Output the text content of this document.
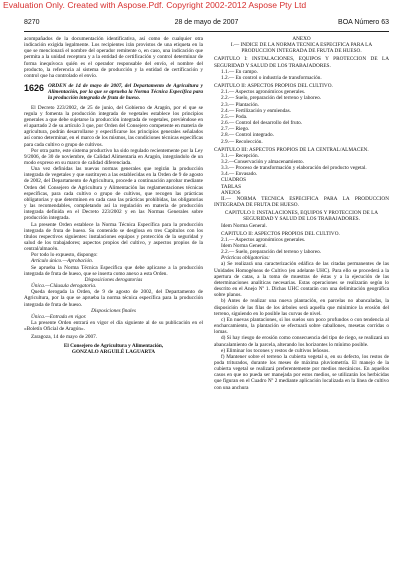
Evaluation Only. Created with Aspose.Pdf. Copyright 2002-2012 Aspose Pty Ltd
8270	28 de mayo de 2007	BOA Número 63

acompañados de la documentación identificativa, así como de cualquier otra indicación exigida legalmente. Los recipientes irán provistos de una etiqueta en la que se mencionará el nombre del operador remitente o, en caso, una indicación que permita a la unidad receptora y a la entidad de certificación y control determinar de forma inequívoca quién es el operador responsable del envío, el nombre del producto, la referencia al sistema de producción y la entidad de certificación y control que ha controlado el envío.

1626 ORDEN de 14 de mayo de 2007, del Departamento de Agricultura y Alimentación, por la que se aprueba la Norma Técnica Específica para la producción integrada de fruta de hueso.

El Decreto 223/2002, de 25 de junio, del Gobierno de Aragón, por el que se regula y fomenta la producción integrada de vegetales establece los principios generales a que debe sujetarse la producción integrada de vegetales, previéndose en el apartado 2 de su artículo 3 que, por Orden del Consejero competente en materia de agricultura, podrán desarrollarse y especificarse los principios generales señalados así como determinar, en el marco de los mismos, las condiciones técnicas específicas para cada cultivo o grupo de cultivos.

Por otra parte, este sistema productivo ha sido regulado recientemente por la Ley 9/2006, de 30 de noviembre, de Calidad Alimentaria en Aragón, integrándolo de un modo expreso en su marco de calidad diferenciada.

Una vez definidas las nuevas normas generales que regirán la producción integrada de vegetales y que sustituyen a las establecidas en la Orden de 9 de agosto de 2002, del Departamento de Agricultura, procede a continuación aprobar mediante Orden del Consejero de Agricultura y Alimentación las reglamentaciones técnicas específicas, para cada cultivo o grupo de cultivos, que recogen las prácticas obligatorias y que determinen en cada caso las prácticas prohibidas, las obligatorias y las recomendables, completando así la regulación en materia de producción integrada definida en el Decreto 223/2002 y en las Normas Generales sobre producción integrada.

La presente Orden establece la Norma Técnica Específica para la producción integrada de fruta de hueso. Su contenido se desglosa en tres Capítulos con los títulos respectivos siguientes: instalaciones equipos y protección de la seguridad y salud de los trabajadores; aspectos propios del cultivo, y aspectos propios de la central/almacén.

Por todo lo expuesto, dispongo:

Artículo único.—Aprobación.

Se aprueba la Norma Técnica Específica que debe aplicarse a la producción integrada de fruta de hueso, que se inserta como anexo a esta Orden.

Disposiciones derogatorias

Única.—Cláusula derogatoria.

Queda derogada la Orden, de 9 de agosto de 2002, del Departamento de Agricultura, por la que se aprueba la norma técnica específica para la producción integrada de fruta de hueso.

Disposiciones finales

Única.—Entrada en vigor.

La presente Orden entrará en vigor el día siguiente al de su publicación en el «Boletín Oficial de Aragón».

Zaragoza, 14 de mayo de 2007.

El Consejero de Agricultura y Alimentación,

GONZALO ARGUILÉ LAGUARTA

ANEXO

I.— INDICE DE LA NORMA TECNICA ESPECIFICA PARA LA PRODUCCION INTEGRADA DE FRUTA DE HUESO.

CAPITULO I: INSTALACIONES, EQUIPOS Y PROTECCION DE LA SEGURIDAD Y SALUD DE LOS TRABAJADORES.

1.1.— En campo.

1.2.— En control o industria de transformación.

CAPITULO II: ASPECTOS PROPIOS DEL CULTIVO.

2.1.— Aspectos agronómicos generales.

2.2.— Suelo, preparación del terreno y laboreo.

2.3.— Plantación.

2.4.— Fertilización y enmiendas.

2.5.— Poda.

2.6.— Control del desarrollo del fruto.

2.7.— Riego.

2.8.— Control integrado.

2.9.— Recolección.

CAPITULO III: ASPECTOS PROPIOS DE LA CENTRAL/ALMACEN.

3.1.— Recepción.

3.2.—Conservación y almacenamiento.

3.3.— Proceso de transformación y elaboración del producto vegetal.

3.4.— Envasado.

CUADROS

TABLAS

ANEJOS

II.— NORMA TECNICA ESPECIFICA PARA LA PRODUCCION INTEGRADA DE FRUTA DE HUESO.

CAPITULO I: INSTALACIONES, EQUIPOS Y PROTECCION DE LA SEGURIDAD Y SALUD DE LOS TRABAJADORES.

Idem Norma General.

CAPITULO II: ASPECTOS PROPIOS DEL CULTIVO.

2.1.— Aspectos agronómicos generales.

Idem Norma General.

2.2.— Suelo, preparación del terreno y laboreo.

Prácticas obligatorias:

a) Se realizará una caracterización edáfica de las citadas permanentes de las Unidades Homogéneas de Cultivo (en adelante UHC). Para ello se procederá a la apertura de catas, a la toma de muestras de éstas y a la ejecución de las determinaciones analíticas necesarias. Estas operaciones se realizarán según lo descrito en el Anejo Nº 1. Dichas UHC contarán con una delimitación geográfica sobre planos.

b) Antes de realizar una nueva plantación, en parcelas no abancaladas, la disposición de las filas de los árboles será aquella que minimice la erosión del terreno, siguiendo en lo posible las curvas de nivel.

c) En nuevas plantaciones, si los suelos son poco profundos o con tendencia al encharcamiento, la plantación se efectuará sobre caballones, mesetas corridas o lomas.

d) Si hay riesgo de erosión como consecuencia del tipo de riego, se realizará un abancalamiento de la parcela, alterando los horizontes lo mínimo posible.

e) Eliminar los tocones y restos de cultivos leñosos.

f) Mantener sobre el terreno la cubierta vegetal o, en su defecto, los restos de poda triturados, durante los meses de máxima pluviometría. El manejo de la cubierta vegetal se realizará preferentemente por medios mecánicos. En aquellos casos en que no pueda ser manejada por estos medios, se utilizarán los herbicidas que figuran en el Cuadro Nº 2 mediante aplicación localizada en la línea de cultivo con una anchura
